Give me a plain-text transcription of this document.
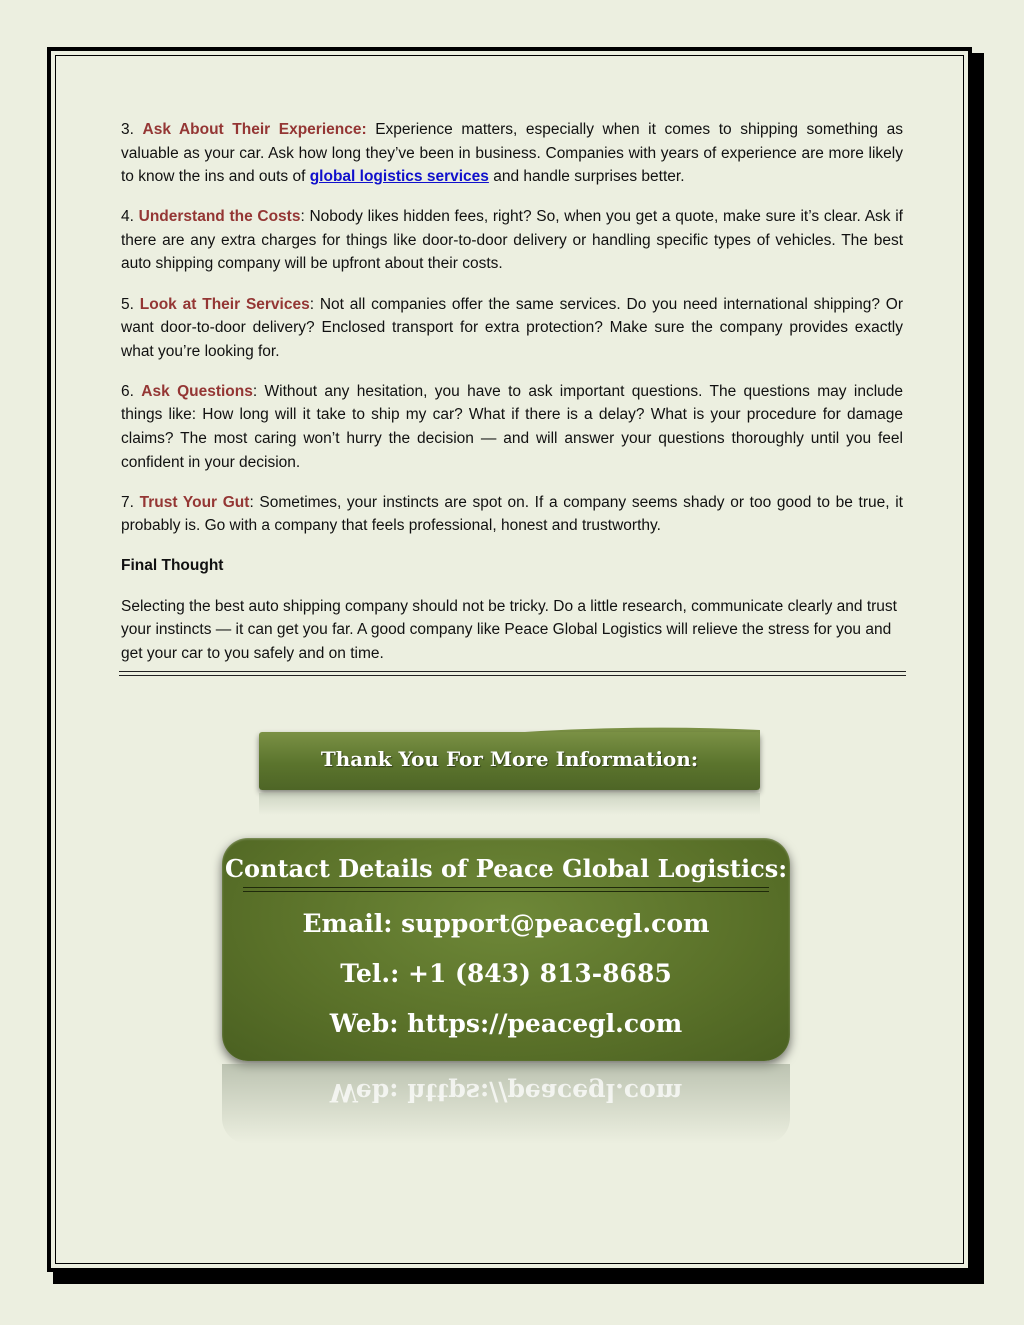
3. Ask About Their Experience: Experience matters, especially when it comes to shipping something as valuable as your car. Ask how long they’ve been in business. Companies with years of experience are more likely to know the ins and outs of global logistics services and handle surprises better.

4. Understand the Costs: Nobody likes hidden fees, right? So, when you get a quote, make sure it’s clear. Ask if there are any extra charges for things like door-to-door delivery or handling specific types of vehicles. The best auto shipping company will be upfront about their costs.

5. Look at Their Services: Not all companies offer the same services. Do you need international shipping? Or want door-to-door delivery? Enclosed transport for extra protection? Make sure the company provides exactly what you’re looking for.

6. Ask Questions: Without any hesitation, you have to ask important questions. The questions may include things like: How long will it take to ship my car? What if there is a delay? What is your procedure for damage claims? The most caring won’t hurry the decision — and will answer your questions thoroughly until you feel confident in your decision.

7. Trust Your Gut: Sometimes, your instincts are spot on. If a company seems shady or too good to be true, it probably is. Go with a company that feels professional, honest and trustworthy.

Final Thought

Selecting the best auto shipping company should not be tricky. Do a little research, communicate clearly and trust your instincts — it can get you far. A good company like Peace Global Logistics will relieve the stress for you and get your car to you safely and on time.

Thank You For More Information:
Contact Details of Peace Global Logistics:
Email: support@peacegl.com
Tel.: +1 (843) 813-8685
Web: https://peacegl.com
Web: https://peacegl.com
